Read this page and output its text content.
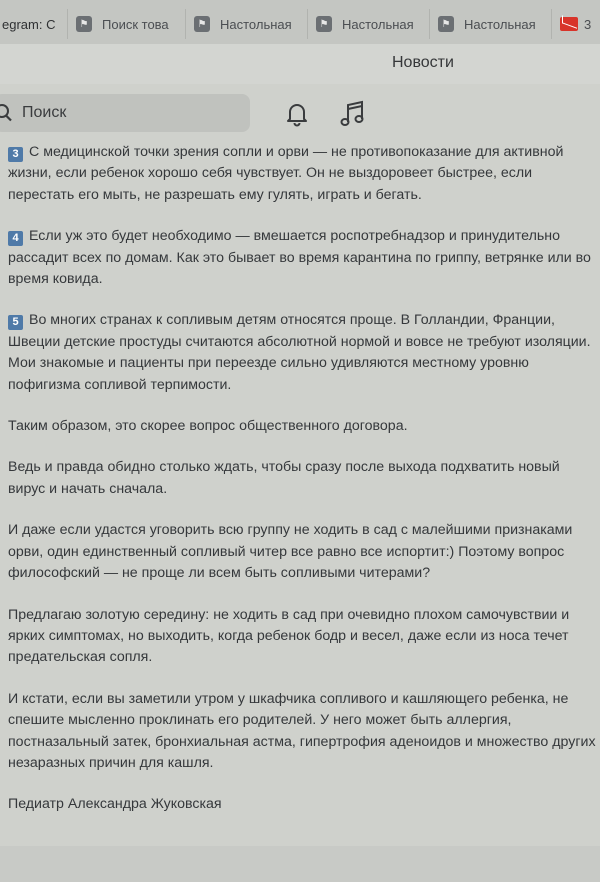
egram: C	⚑ Поиск това	⚑ Настольная	⚑ Настольная	⚑ Настольная	3
Новости
Поиск

3 С медицинской точки зрения сопли и орви — не противопоказание для активной жизни, если ребенок хорошо себя чувствует. Он не выздоровеет быстрее, если перестать его мыть, не разрешать ему гулять, играть и бегать.

4 Если уж это будет необходимо — вмешается роспотребнадзор и принудительно рассадит всех по домам. Как это бывает во время карантина по гриппу, ветрянке или во время ковида.

5 Во многих странах к сопливым детям относятся проще. В Голландии, Франции, Швеции детские простуды считаются абсолютной нормой и вовсе не требуют изоляции. Мои знакомые и пациенты при переезде сильно удивляются местному уровню пофигизма сопливой терпимости.

Таким образом, это скорее вопрос общественного договора.

Ведь и правда обидно столько ждать, чтобы сразу после выхода подхватить новый вирус и начать сначала.

И даже если удастся уговорить всю группу не ходить в сад с малейшими признаками орви, один единственный сопливый читер все равно все испортит:) Поэтому вопрос философский — не проще ли всем быть сопливыми читерами?

Предлагаю золотую середину: не ходить в сад при очевидно плохом самочувствии и ярких симптомах, но выходить, когда ребенок бодр и весел, даже если из носа течет предательская сопля.

И кстати, если вы заметили утром у шкафчика сопливого и кашляющего ребенка, не спешите мысленно проклинать его родителей. У него может быть аллергия, постназальный затек, бронхиальная астма, гипертрофия аденоидов и множество других незаразных причин для кашля.

Педиатр Александра Жуковская
